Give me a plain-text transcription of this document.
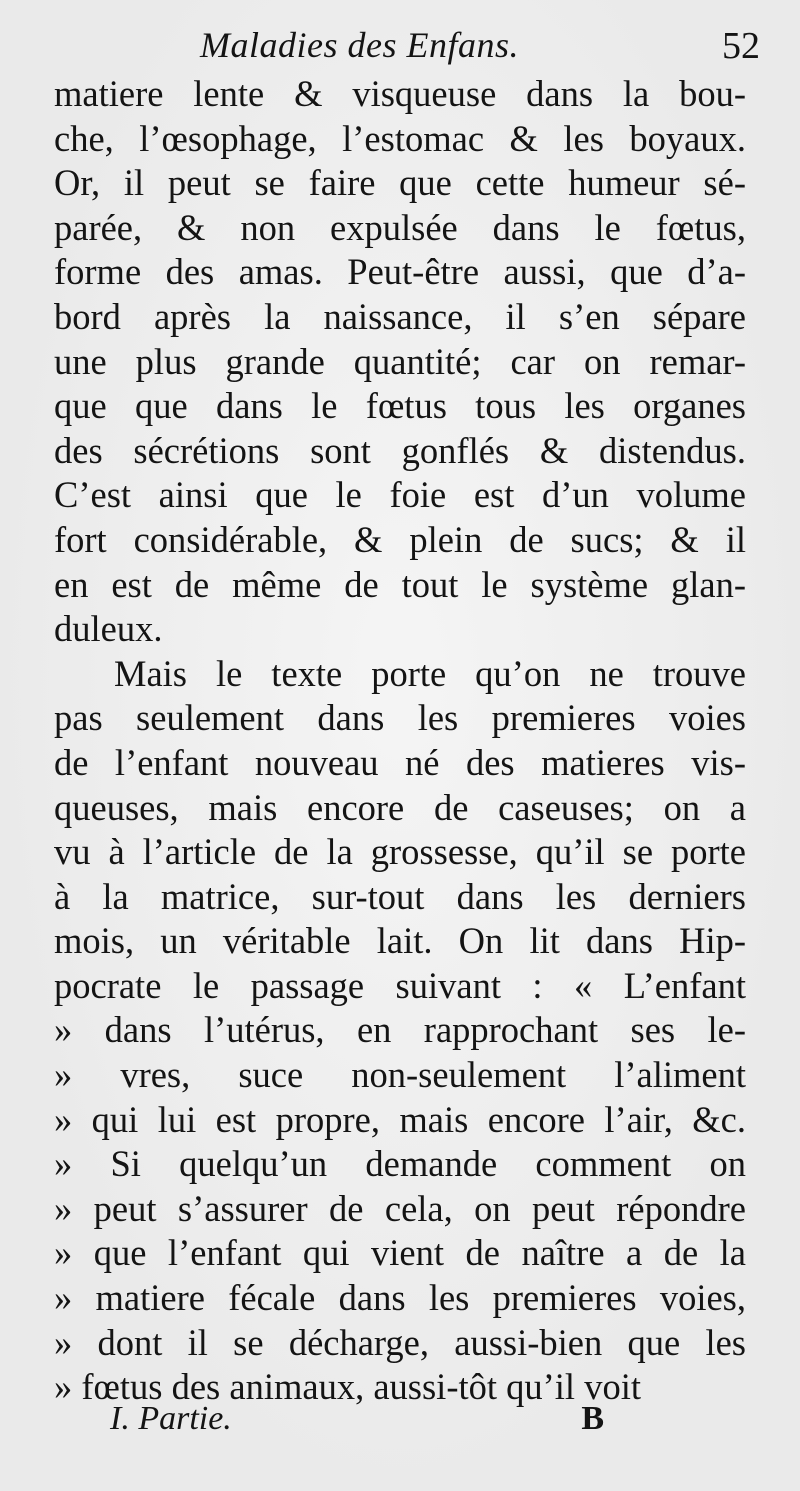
Maladies des Enfans.	52
matiere lente & visqueuse dans la bou-
che, l’œsophage, l’estomac & les boyaux.
Or, il peut se faire que cette humeur sé-
parée, & non expulsée dans le fœtus,
forme des amas. Peut-être aussi, que d’a-
bord après la naissance, il s’en sépare
une plus grande quantité; car on remar-
que que dans le fœtus tous les organes
des sécrétions sont gonflés & distendus.
C’est ainsi que le foie est d’un volume
fort considérable, & plein de sucs; & il
en est de même de tout le système glan-
duleux.
Mais le texte porte qu’on ne trouve
pas seulement dans les premieres voies
de l’enfant nouveau né des matieres vis-
queuses, mais encore de caseuses; on a
vu à l’article de la grossesse, qu’il se porte
à la matrice, sur-tout dans les derniers
mois, un véritable lait. On lit dans Hip-
pocrate le passage suivant : « L’enfant
» dans l’utérus, en rapprochant ses le-
» vres, suce non-seulement l’aliment
» qui lui est propre, mais encore l’air, &c.
» Si quelqu’un demande comment on
» peut s’assurer de cela, on peut répondre
» que l’enfant qui vient de naître a de la
» matiere fécale dans les premieres voies,
» dont il se décharge, aussi-bien que les
» fœtus des animaux, aussi-tôt qu’il voit
I. Partie.	B
